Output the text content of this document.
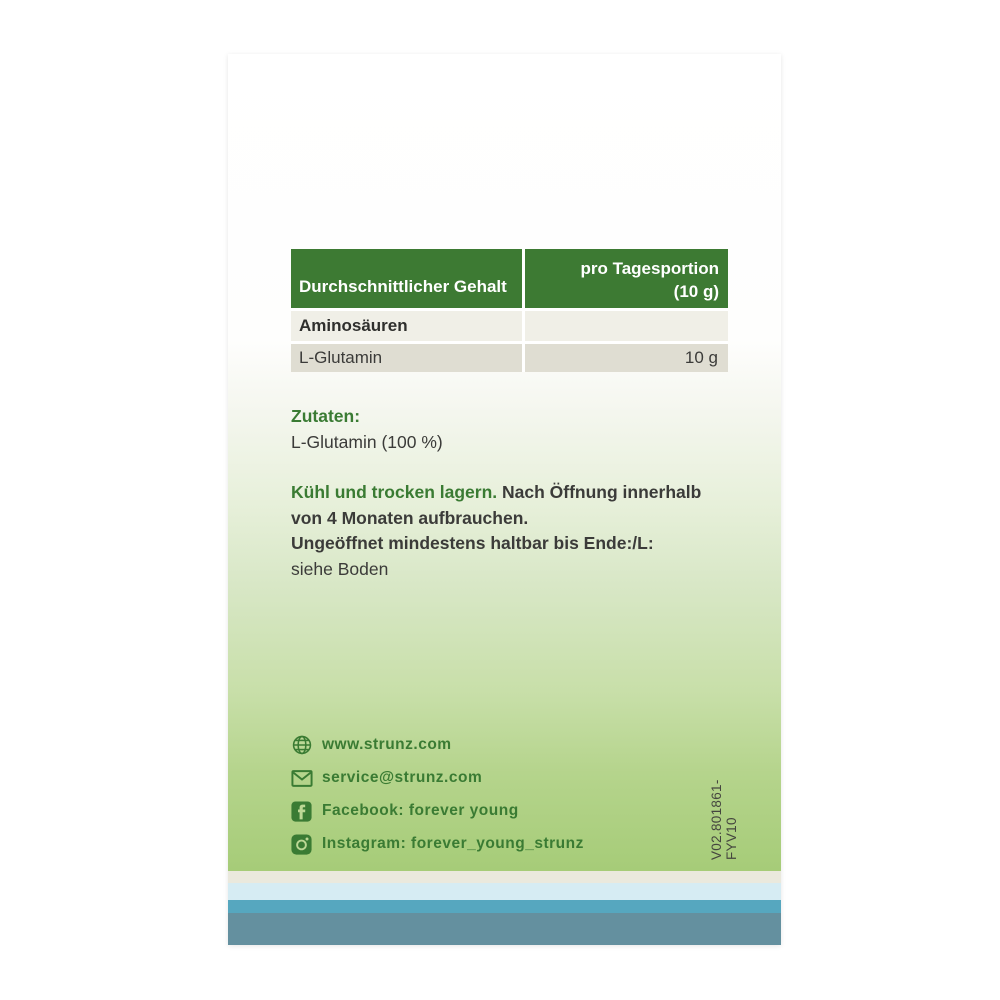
Durchschnittlicher Gehalt
pro Tagesportion
(10 g)
Aminosäuren
L-Glutamin	10 g
Zutaten:
L-Glutamin (100 %)
Kühl und trocken lagern. Nach Öffnung innerhalb
von 4 Monaten aufbrauchen.
Ungeöffnet mindestens haltbar bis Ende:/L:
siehe Boden
www.strunz.com
service@strunz.com
Facebook: forever young
Instagram: forever_young_strunz	V02.801861-FYV10
